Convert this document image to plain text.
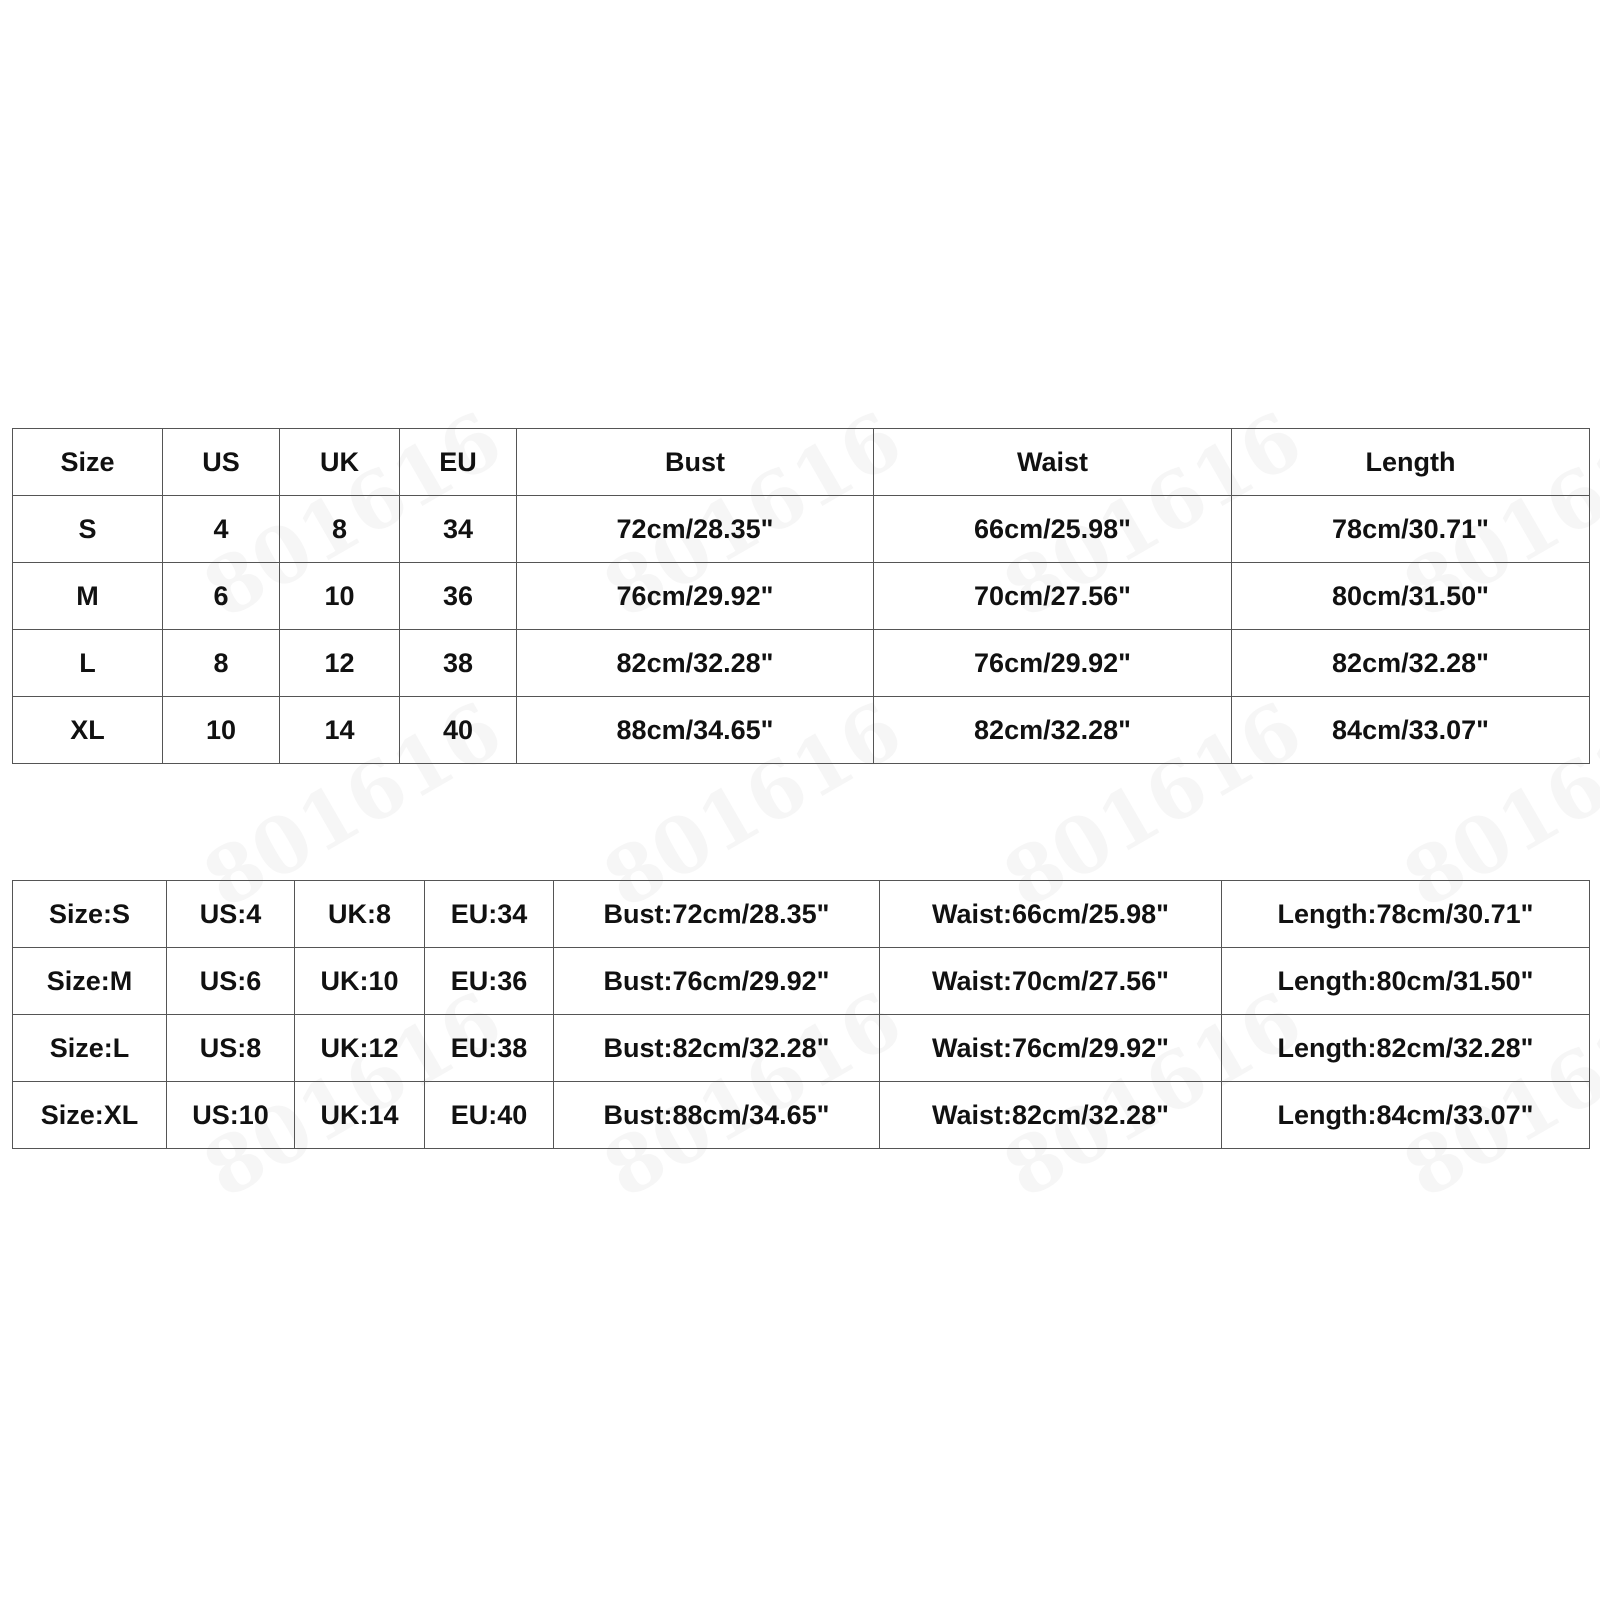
Size	US	UK	EU	Bust	Waist	Length
S	4	8	34	72cm/28.35"	66cm/25.98"	78cm/30.71"
M	6	10	36	76cm/29.92"	70cm/27.56"	80cm/31.50"
L	8	12	38	82cm/32.28"	76cm/29.92"	82cm/32.28"
XL	10	14	40	88cm/34.65"	82cm/32.28"	84cm/33.07"
Size:S	US:4	UK:8	EU:34	Bust:72cm/28.35"	Waist:66cm/25.98"	Length:78cm/30.71"
Size:M	US:6	UK:10	EU:36	Bust:76cm/29.92"	Waist:70cm/27.56"	Length:80cm/31.50"
Size:L	US:8	UK:12	EU:38	Bust:82cm/32.28"	Waist:76cm/29.92"	Length:82cm/32.28"
Size:XL	US:10	UK:14	EU:40	Bust:88cm/34.65"	Waist:82cm/32.28"	Length:84cm/33.07"
